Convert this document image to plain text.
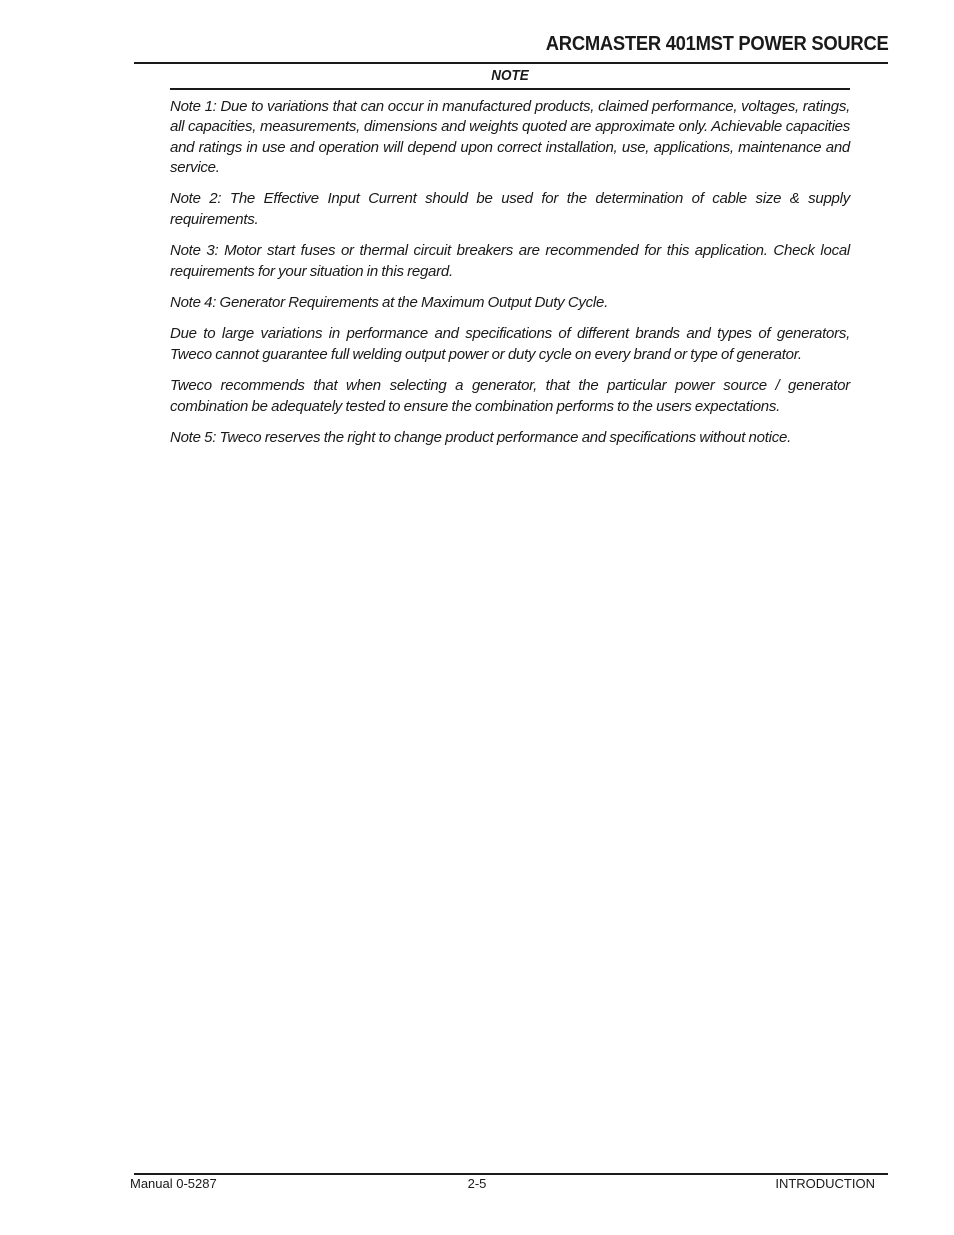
ARCMASTER 401MST POWER SOURCE
NOTE

Note 1: Due to variations that can occur in manufactured products, claimed performance, voltages, ratings, all capacities, measurements, dimensions and weights quoted are approximate only. Achievable capacities and ratings in use and operation will depend upon correct installation, use, applications, maintenance and service.

Note 2: The Effective Input Current should be used for the determination of cable size & supply requirements.

Note 3: Motor start fuses or thermal circuit breakers are recommended for this application. Check local requirements for your situation in this regard.

Note 4: Generator Requirements at the Maximum Output Duty Cycle.

Due to large variations in performance and specifications of different brands and types of generators, Tweco cannot guarantee full welding output power or duty cycle on every brand or type of generator.

Tweco recommends that when selecting a generator, that the particular power source / generator combination be adequately tested to ensure the combination performs to the users expectations.

Note 5: Tweco reserves the right to change product performance and specifications without notice.

Manual 0-5287	2-5	INTRODUCTION
